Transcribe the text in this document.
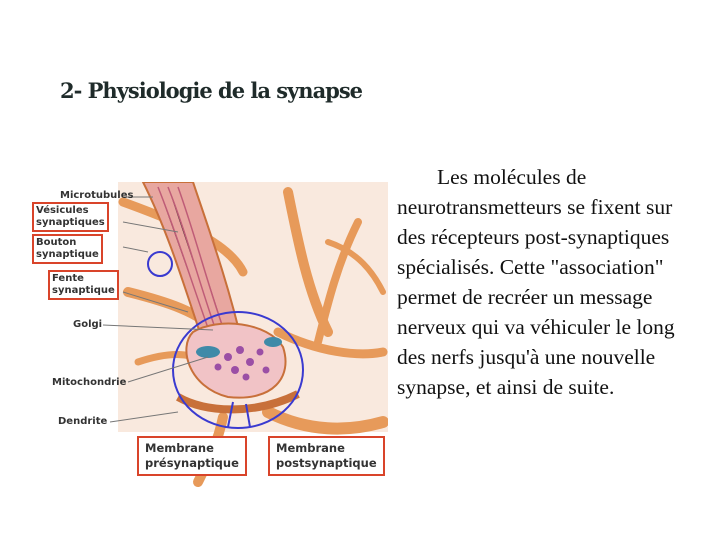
2- Physiologie de la synapse
Microtubules
Vésicules
synaptiques
Bouton
synaptique
Fente
synaptique
Golgi
Mitochondrie
Dendrite
Membrane
présynaptique
Membrane
postsynaptique

Les molécules de neurotransmetteurs se fixent sur des récepteurs post-synaptiques spécialisés. Cette "association" permet de recréer un message nerveux qui va véhiculer le long des nerfs jusqu'à une nouvelle synapse, et ainsi de suite.
